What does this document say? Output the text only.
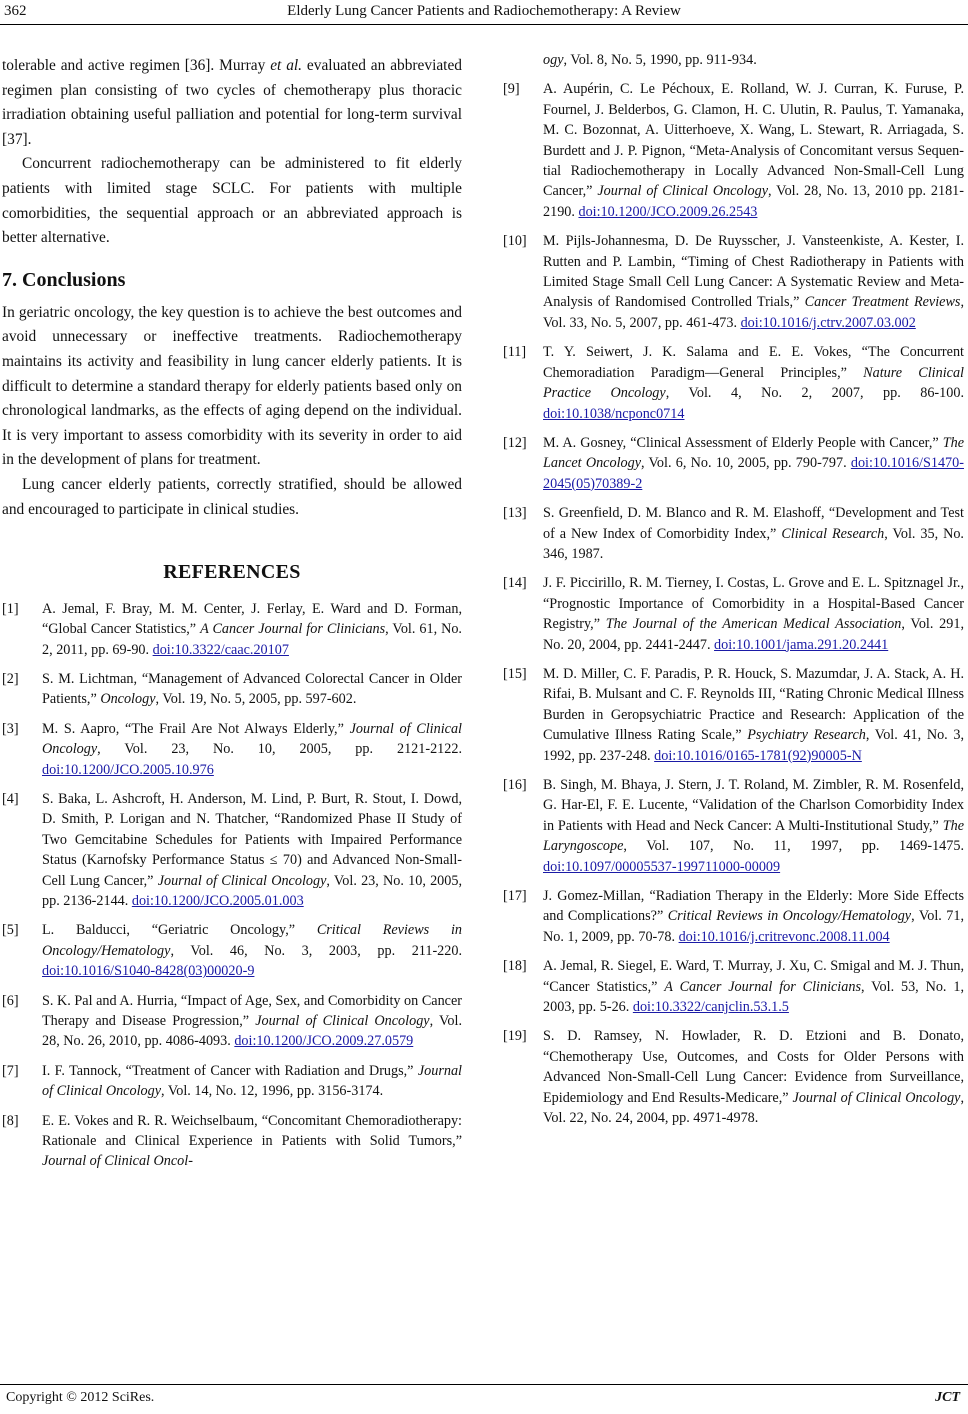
362	Elderly Lung Cancer Patients and Radiochemotherapy: A Review

tolerable and active regimen [36]. Murray et al. evaluated an abbreviated regimen plan consisting of two cycles of chemotherapy plus thoracic irradiation obtaining useful palliation and potential for long-term survival [37].

Concurrent radiochemotherapy can be administered to fit elderly patients with limited stage SCLC. For patients with multiple comorbidities, the sequential approach or an abbreviated approach is better alternative.

7. Conclusions

In geriatric oncology, the key question is to achieve the best outcomes and avoid unnecessary or ineffective treatments. Radiochemotherapy maintains its activity and feasibility in lung cancer elderly patients. It is difficult to determine a standard therapy for elderly patients based only on chronological landmarks, as the effects of aging depend on the individual. It is very important to assess comorbidity with its severity in order to aid in the development of plans for treatment.

Lung cancer elderly patients, correctly stratified, should be allowed and encouraged to participate in clinical studies.

REFERENCES
[1]	A. Jemal, F. Bray, M. M. Center, J. Ferlay, E. Ward and D. Forman, “Global Cancer Statistics,” A Cancer Journal for Clinicians, Vol. 61, No. 2, 2011, pp. 69-90. doi:10.3322/caac.20107
[2]	S. M. Lichtman, “Management of Advanced Colorectal Cancer in Older Patients,” Oncology, Vol. 19, No. 5, 2005, pp. 597-602.
[3]	M. S. Aapro, “The Frail Are Not Always Elderly,” Journal of Clinical Oncology, Vol. 23, No. 10, 2005, pp. 2121-2122. doi:10.1200/JCO.2005.10.976
[4]	S. Baka, L. Ashcroft, H. Anderson, M. Lind, P. Burt, R. Stout, I. Dowd, D. Smith, P. Lorigan and N. Thatcher, “Randomized Phase II Study of Two Gemcitabine Schedules for Patients with Impaired Performance Status (Karnofsky Performance Status ≤ 70) and Advanced Non-Small-Cell Lung Cancer,” Journal of Clinical Oncology, Vol. 23, No. 10, 2005, pp. 2136-2144. doi:10.1200/JCO.2005.01.003
[5]	L. Balducci, “Geriatric Oncology,” Critical Reviews in Oncology/Hematology, Vol. 46, No. 3, 2003, pp. 211-220. doi:10.1016/S1040-8428(03)00020-9
[6]	S. K. Pal and A. Hurria, “Impact of Age, Sex, and Comorbidity on Cancer Therapy and Disease Progression,” Journal of Clinical Oncology, Vol. 28, No. 26, 2010, pp. 4086-4093. doi:10.1200/JCO.2009.27.0579
[7]	I. F. Tannock, “Treatment of Cancer with Radiation and Drugs,” Journal of Clinical Oncology, Vol. 14, No. 12, 1996, pp. 3156-3174.
[8]	E. E. Vokes and R. R. Weichselbaum, “Concomitant Chemoradiotherapy: Rationale and Clinical Experience in Patients with Solid Tumors,” Journal of Clinical Oncol-
ogy, Vol. 8, No. 5, 1990, pp. 911-934.
[9]	A. Aupérin, C. Le Péchoux, E. Rolland, W. J. Curran, K. Furuse, P. Fournel, J. Belderbos, G. Clamon, H. C. Ulutin, R. Paulus, T. Yamanaka, M. C. Bozonnat, A. Uitterhoeve, X. Wang, L. Stewart, R. Arriagada, S. Burdett and J. P. Pignon, “Meta-Analysis of Concomitant versus Sequential Radiochemotherapy in Locally Advanced Non-Small-Cell Lung Cancer,” Journal of Clinical Oncology, Vol. 28, No. 13, 2010 pp. 2181-2190. doi:10.1200/JCO.2009.26.2543
[10]	M. Pijls-Johannesma, D. De Ruysscher, J. Vansteenkiste, A. Kester, I. Rutten and P. Lambin, “Timing of Chest Radiotherapy in Patients with Limited Stage Small Cell Lung Cancer: A Systematic Review and Meta-Analysis of Randomised Controlled Trials,” Cancer Treatment Reviews, Vol. 33, No. 5, 2007, pp. 461-473. doi:10.1016/j.ctrv.2007.03.002
[11]	T. Y. Seiwert, J. K. Salama and E. E. Vokes, “The Concurrent Chemoradiation Paradigm—General Principles,” Nature Clinical Practice Oncology, Vol. 4, No. 2, 2007, pp. 86-100. doi:10.1038/ncponc0714
[12]	M. A. Gosney, “Clinical Assessment of Elderly People with Cancer,” The Lancet Oncology, Vol. 6, No. 10, 2005, pp. 790-797. doi:10.1016/S1470-2045(05)70389-2
[13]	S. Greenfield, D. M. Blanco and R. M. Elashoff, “Development and Test of a New Index of Comorbidity Index,” Clinical Research, Vol. 35, No. 346, 1987.
[14]	J. F. Piccirillo, R. M. Tierney, I. Costas, L. Grove and E. L. Spitznagel Jr., “Prognostic Importance of Comorbidity in a Hospital-Based Cancer Registry,” The Journal of the American Medical Association, Vol. 291, No. 20, 2004, pp. 2441-2447. doi:10.1001/jama.291.20.2441
[15]	M. D. Miller, C. F. Paradis, P. R. Houck, S. Mazumdar, J. A. Stack, A. H. Rifai, B. Mulsant and C. F. Reynolds III, “Rating Chronic Medical Illness Burden in Geropsychiatric Practice and Research: Application of the Cumulative Illness Rating Scale,” Psychiatry Research, Vol. 41, No. 3, 1992, pp. 237-248. doi:10.1016/0165-1781(92)90005-N
[16]	B. Singh, M. Bhaya, J. Stern, J. T. Roland, M. Zimbler, R. M. Rosenfeld, G. Har-El, F. E. Lucente, “Validation of the Charlson Comorbidity Index in Patients with Head and Neck Cancer: A Multi-Institutional Study,” The Laryngoscope, Vol. 107, No. 11, 1997, pp. 1469-1475. doi:10.1097/00005537-199711000-00009
[17]	J. Gomez-Millan, “Radiation Therapy in the Elderly: More Side Effects and Complications?” Critical Reviews in Oncology/Hematology, Vol. 71, No. 1, 2009, pp. 70-78. doi:10.1016/j.critrevonc.2008.11.004
[18]	A. Jemal, R. Siegel, E. Ward, T. Murray, J. Xu, C. Smigal and M. J. Thun, “Cancer Statistics,” A Cancer Journal for Clinicians, Vol. 53, No. 1, 2003, pp. 5-26. doi:10.3322/canjclin.53.1.5
[19]	S. D. Ramsey, N. Howlader, R. D. Etzioni and B. Donato, “Chemotherapy Use, Outcomes, and Costs for Older Persons with Advanced Non-Small-Cell Lung Cancer: Evidence from Surveillance, Epidemiology and End Results-Medicare,” Journal of Clinical Oncology, Vol. 22, No. 24, 2004, pp. 4971-4978.
Copyright © 2012 SciRes.	JCT
